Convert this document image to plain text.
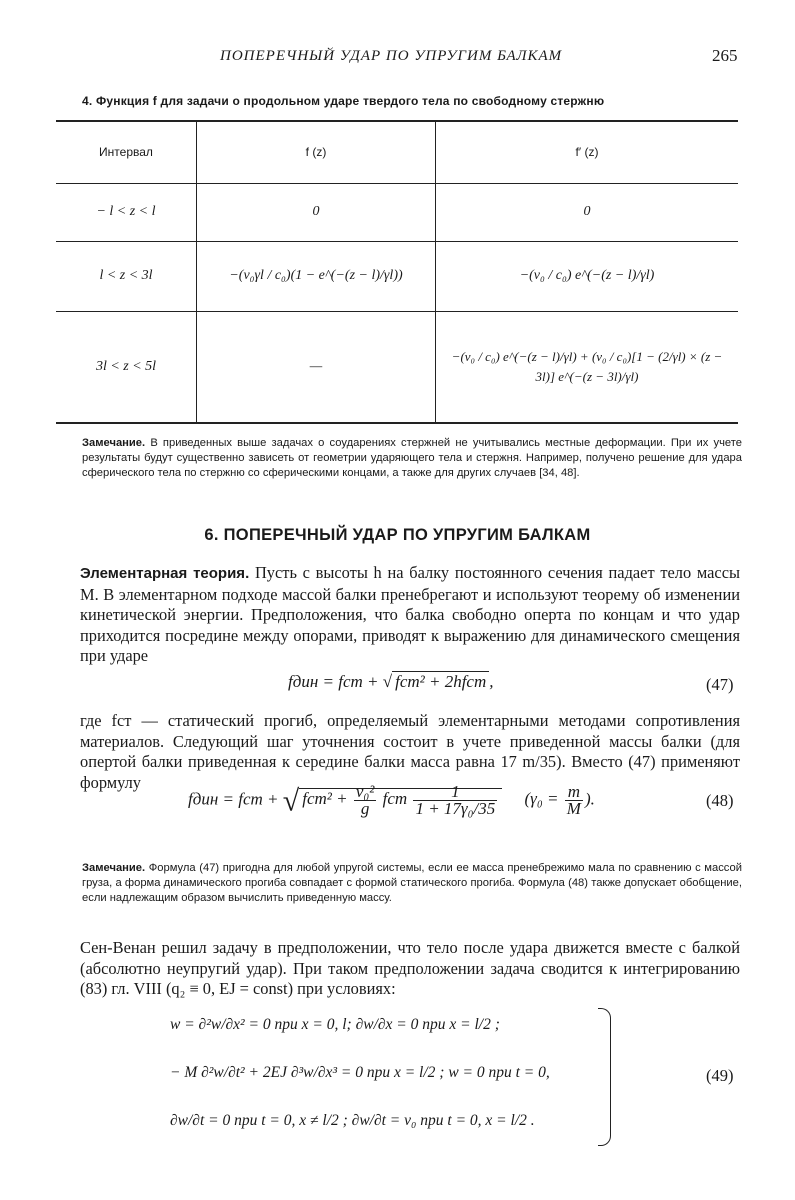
ПОПЕРЕЧНЫЙ УДАР ПО УПРУГИМ БАЛКАМ	265
4. Функция f для задачи о продольном ударе твердого тела по свободному стержню
Интервал	f (z)	f′ (z)
− l < z < l	0	0
l < z < 3l	−(v₀γl / c₀)(1 − e^(−(z − l)/γl))	−(v₀ / c₀) e^(−(z − l)/γl)
3l < z < 5l	—	−(v₀ / c₀) e^(−(z − l)/γl) + (v₀ / c₀)[1 − (2/γl) × (z − 3l)] e^(−(z − 3l)/γl)
Замечание. В приведенных выше задачах о соударениях стержней не учитывались местные деформации. При их учете результаты будут существенно зависеть от геометрии ударяющего тела и стержня. Например, получено решение для удара сферического тела по стержню со сферическими концами, а также для других случаев [34, 48].
6. ПОПЕРЕЧНЫЙ УДАР ПО УПРУГИМ БАЛКАМ
Элементарная теория. Пусть с высоты h на балку постоянного сечения падает тело массы M. В элементарном подходе массой балки пренебрегают и используют теорему об изменении кинетической энергии. Предположения, что балка свободно оперта по концам и что удар приходится посредине между опорами, приводят к выражению для динамического смещения при ударе
fдин = fст + √ fст² + 2hfст ,	(47)
где fст — статический прогиб, определяемый элементарными методами сопротивления материалов. Следующий шаг уточнения состоит в учете приведенной массы балки (для опертой балки приведенная к середине балки масса равна 17 m/35). Вместо (47) применяют формулу
fдин = fст + √ $fст^2 + \frac{\text{v₀²}}{g}$ fст $\frac{1}{\text{1 + 17γ₀/35}} (\gamma_0 = \frac{m}{M}$ ).	(48)
Замечание. Формула (47) пригодна для любой упругой системы, если ее масса пренебрежимо мала по сравнению с массой груза, а форма динамического прогиба совпадает с формой статического прогиба. Формула (48) также допускает обобщение, если надлежащим образом вычислить приведенную массу.
Сен-Венан решил задачу в предположении, что тело после удара движется вместе с балкой (абсолютно неупругий удар). При таком предположении задача сводится к интегрированию (83) гл. VIII (q₂ ≡ 0, EJ = const) при условиях:
w = ∂²w/∂x² = 0 при x = 0, l; ∂w/∂x = 0 при x = l/2 ;
− M ∂²w/∂t² + 2EJ ∂³w/∂x³ = 0 при x = l/2 ; w = 0 при t = 0,
∂w/∂t = 0 при t = 0, x ≠ l/2 ; ∂w/∂t = v₀ при t = 0, x = l/2 .
(49)
